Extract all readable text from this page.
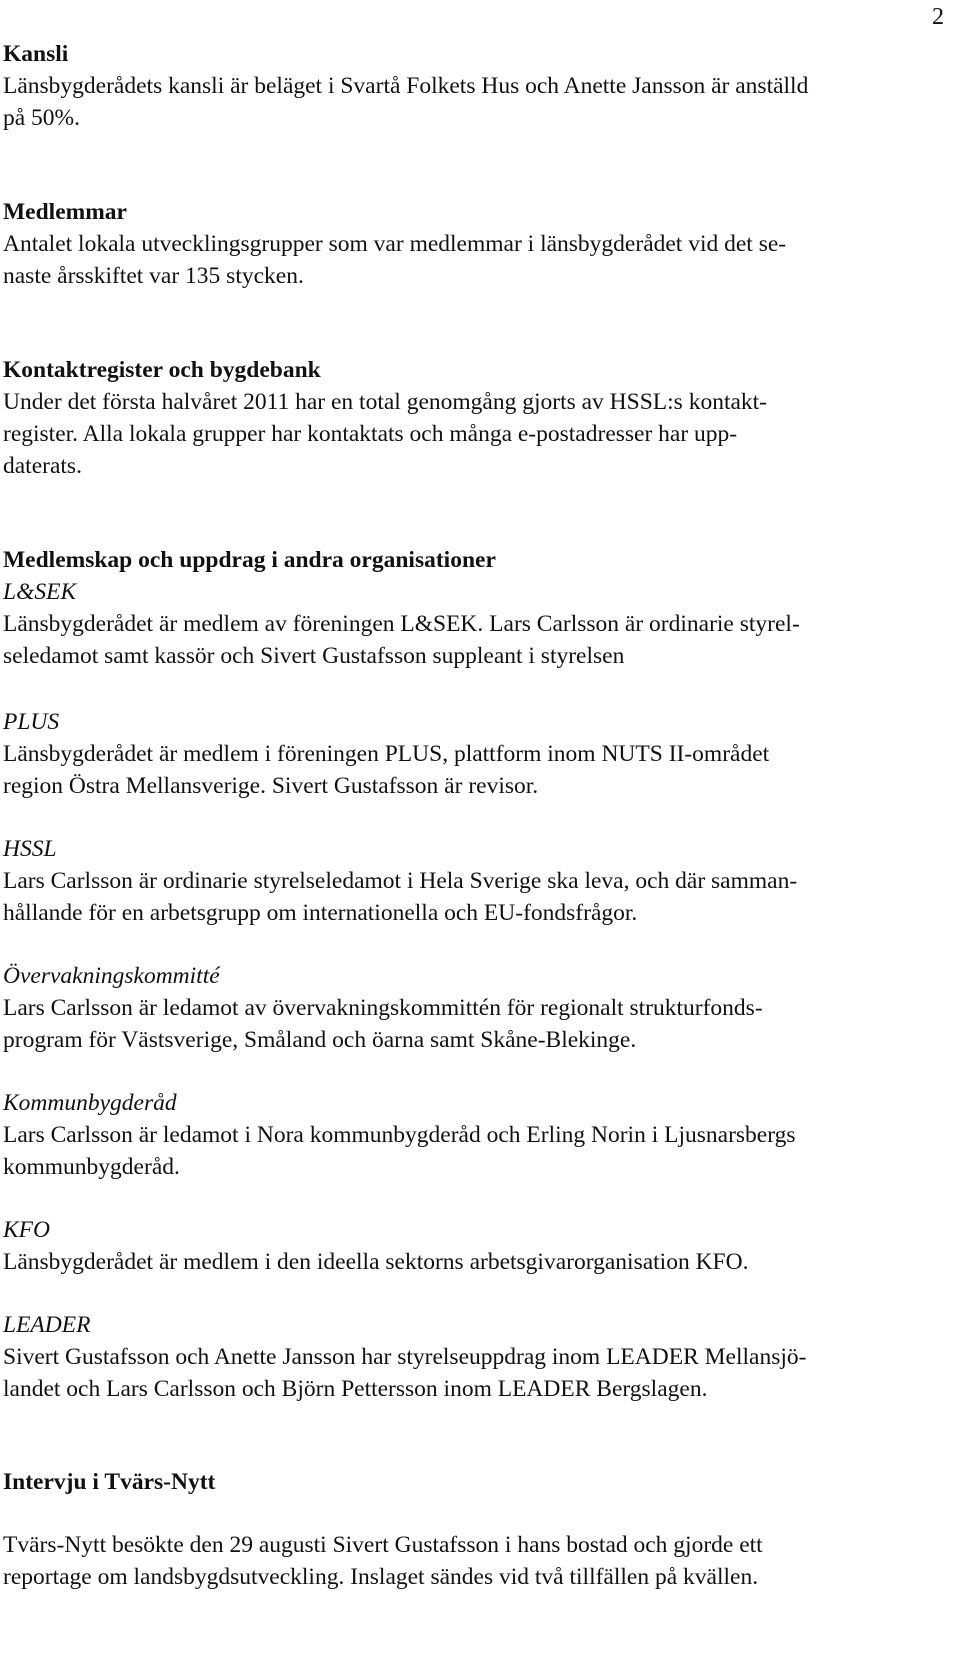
2
Kansli
Länsbygderådets kansli är beläget i Svartå Folkets Hus och Anette Jansson är anställd
på 50%.
Medlemmar
Antalet lokala utvecklingsgrupper som var medlemmar i länsbygderådet vid det se-
naste årsskiftet var 135 stycken.
Kontaktregister och bygdebank
Under det första halvåret 2011 har en total genomgång gjorts av HSSL:s kontakt-
register. Alla lokala grupper har kontaktats och många e-postadresser har upp-
daterats.
Medlemskap och uppdrag i andra organisationer
L&SEK
Länsbygderådet är medlem av föreningen L&SEK. Lars Carlsson är ordinarie styrel-
seledamot samt kassör och Sivert Gustafsson suppleant i styrelsen
PLUS
Länsbygderådet är medlem i föreningen PLUS, plattform inom NUTS II-området
region Östra Mellansverige. Sivert Gustafsson är revisor.
HSSL
Lars Carlsson är ordinarie styrelseledamot i Hela Sverige ska leva, och där samman-
hållande för en arbetsgrupp om internationella och EU-fondsfrågor.
Övervakningskommitté
Lars Carlsson är ledamot av övervakningskommittén för regionalt strukturfonds-
program för Västsverige, Småland och öarna samt Skåne-Blekinge.
Kommunbygderåd
Lars Carlsson är ledamot i Nora kommunbygderåd och Erling Norin i Ljusnarsbergs
kommunbygderåd.
KFO
Länsbygderådet är medlem i den ideella sektorns arbetsgivarorganisation KFO.
LEADER
Sivert Gustafsson och Anette Jansson har styrelseuppdrag inom LEADER Mellansjö-
landet och Lars Carlsson och Björn Pettersson inom LEADER Bergslagen.
Intervju i Tvärs-Nytt
Tvärs-Nytt besökte den 29 augusti Sivert Gustafsson i hans bostad och gjorde ett
reportage om landsbygdsutveckling. Inslaget sändes vid två tillfällen på kvällen.
